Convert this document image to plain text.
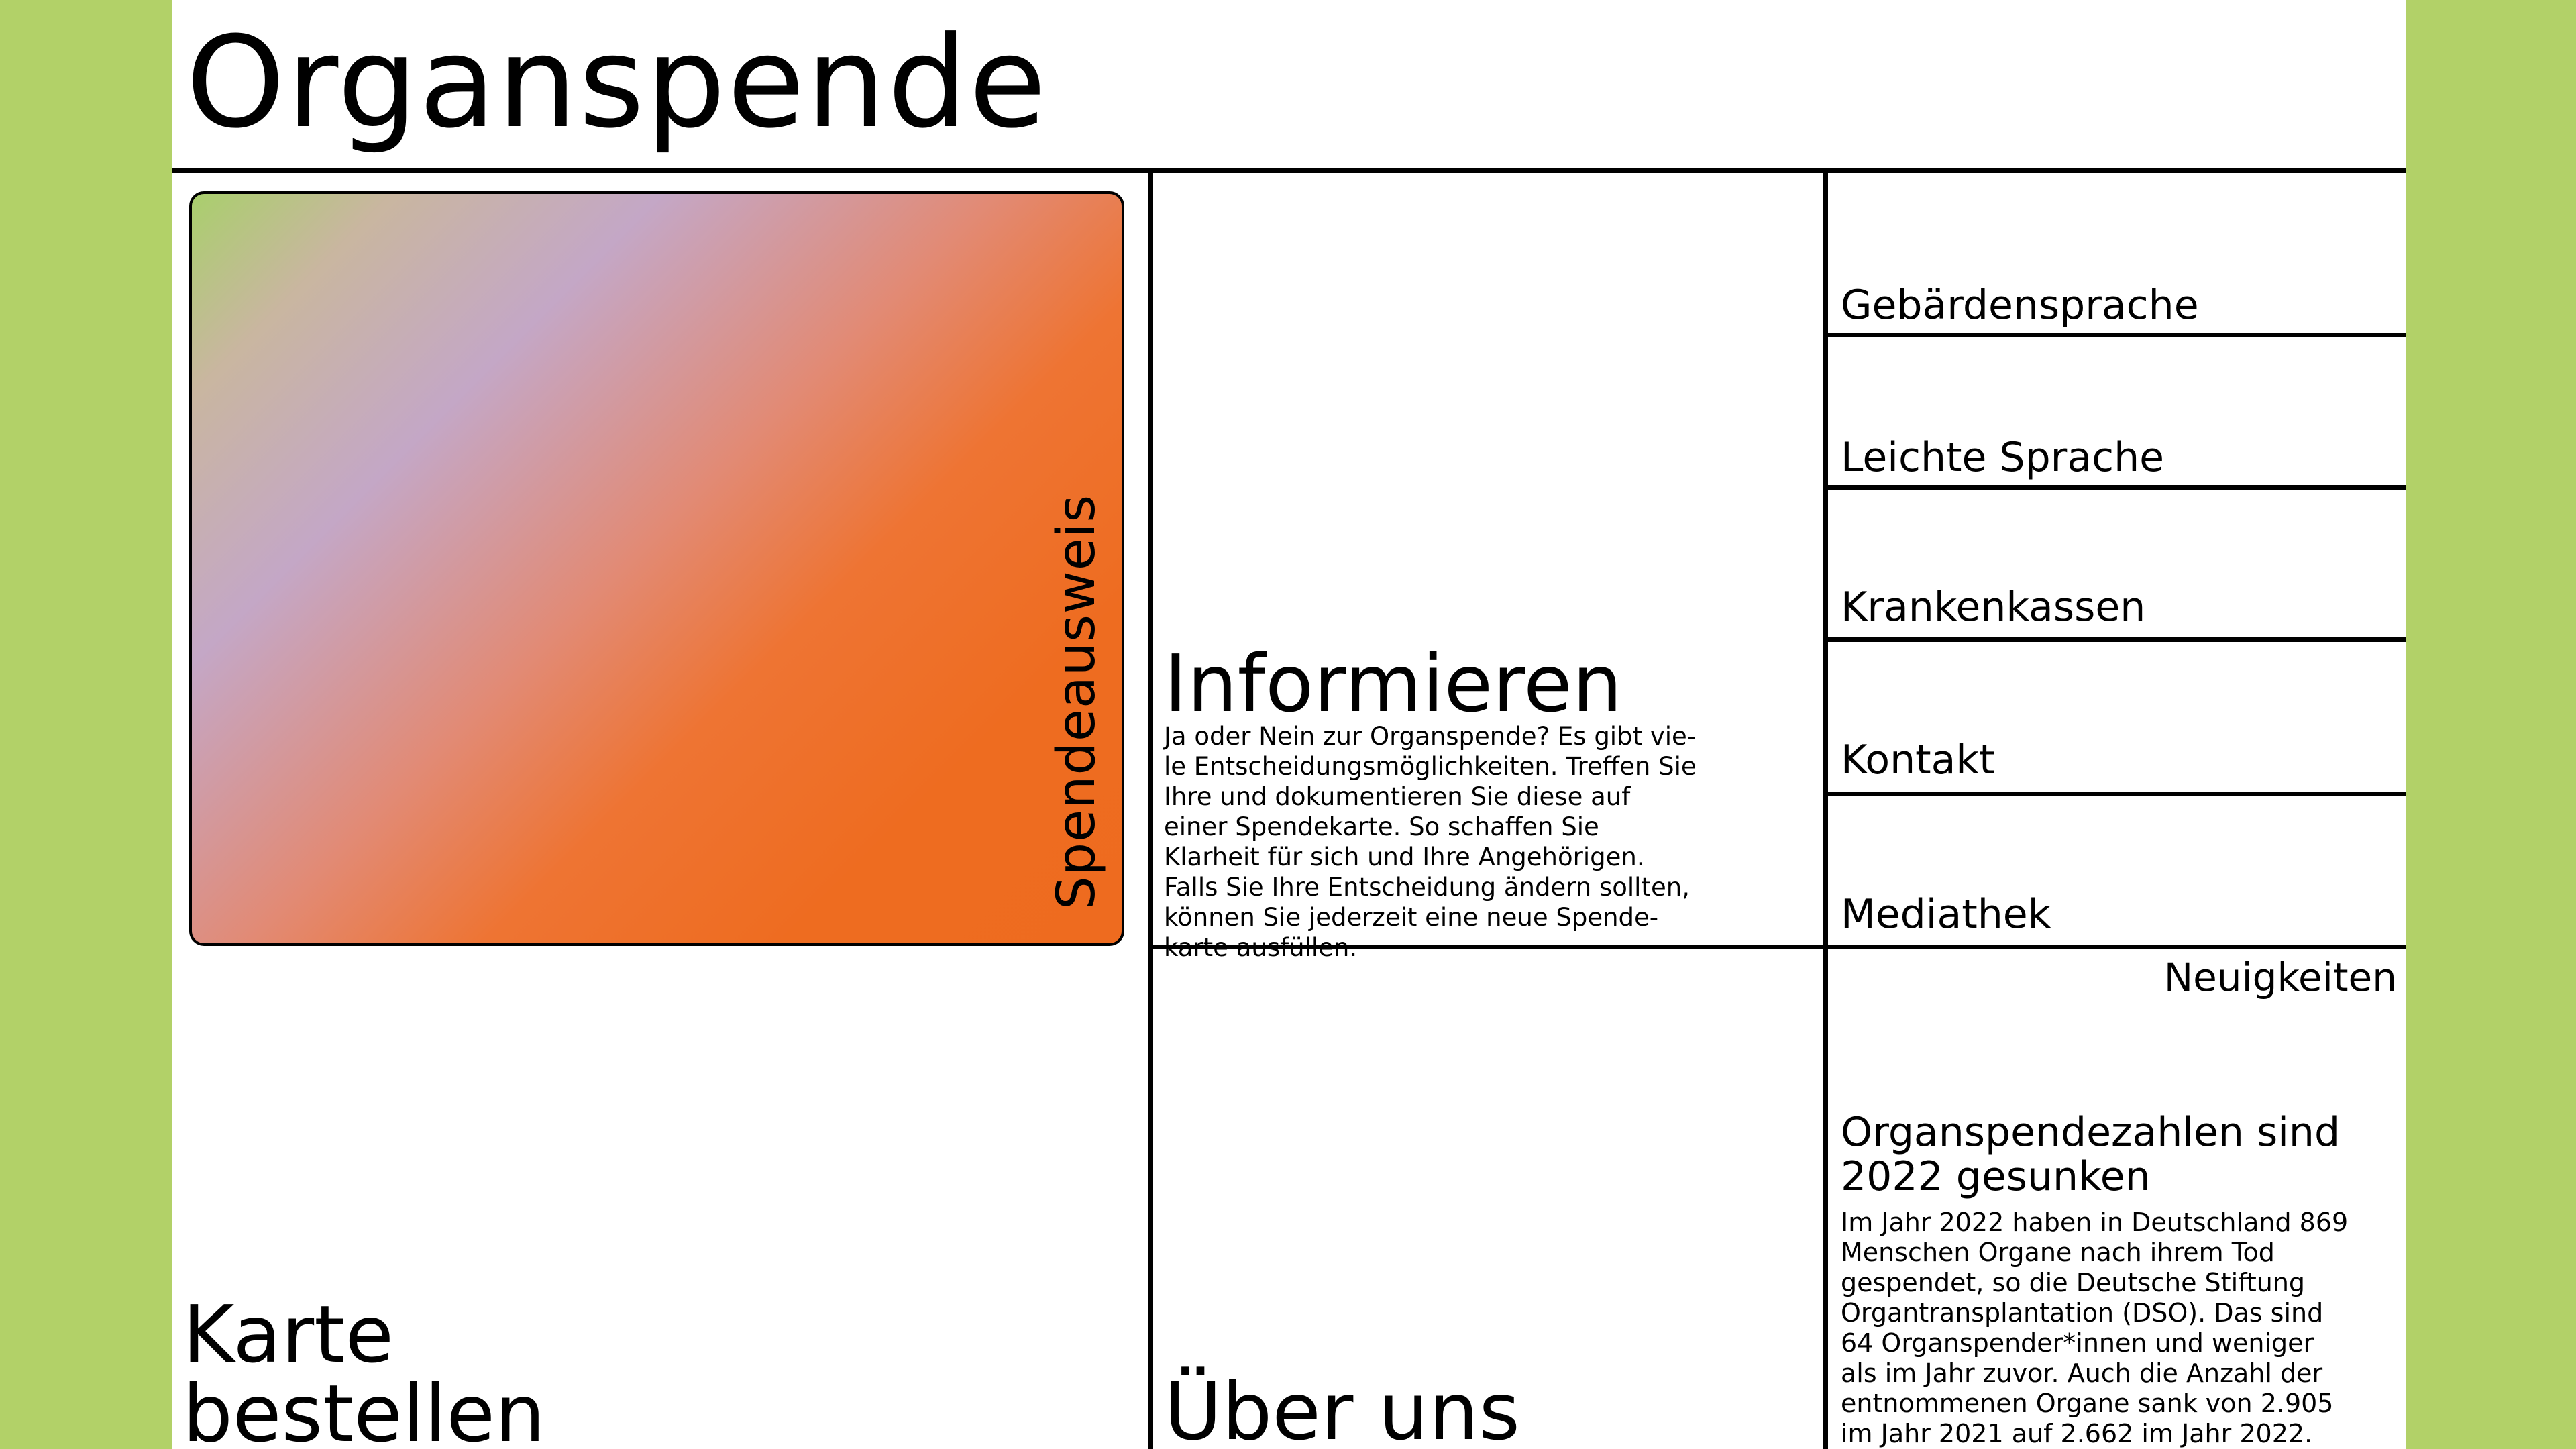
Organspende
Spendeausweis
Karte
bestellen
Informieren
Über uns

Ja oder Nein zur Organspende? Es gibt vie-le Entscheidungsmöglichkeiten. Treffen Sie Ihre und dokumentieren Sie diese auf einer Spendekarte. So schaffen Sie Klarheit für sich und Ihre Angehörigen. Falls Sie Ihre Entscheidung ändern sollten, können Sie jederzeit eine neue Spende-karte ausfüllen.

Gebärdensprache
Leichte Sprache
Krankenkassen
Kontakt
Mediathek
Neuigkeiten
Organspendezahlen sind 2022 gesunken

Im Jahr 2022 haben in Deutschland 869 Menschen Organe nach ihrem Tod gespendet, so die Deutsche Stiftung Organtransplantation (DSO). Das sind 64 Organspender*innen und weniger als im Jahr zuvor. Auch die Anzahl der entnommenen Organe sank von 2.905 im Jahr 2021 auf 2.662 im Jahr 2022.
